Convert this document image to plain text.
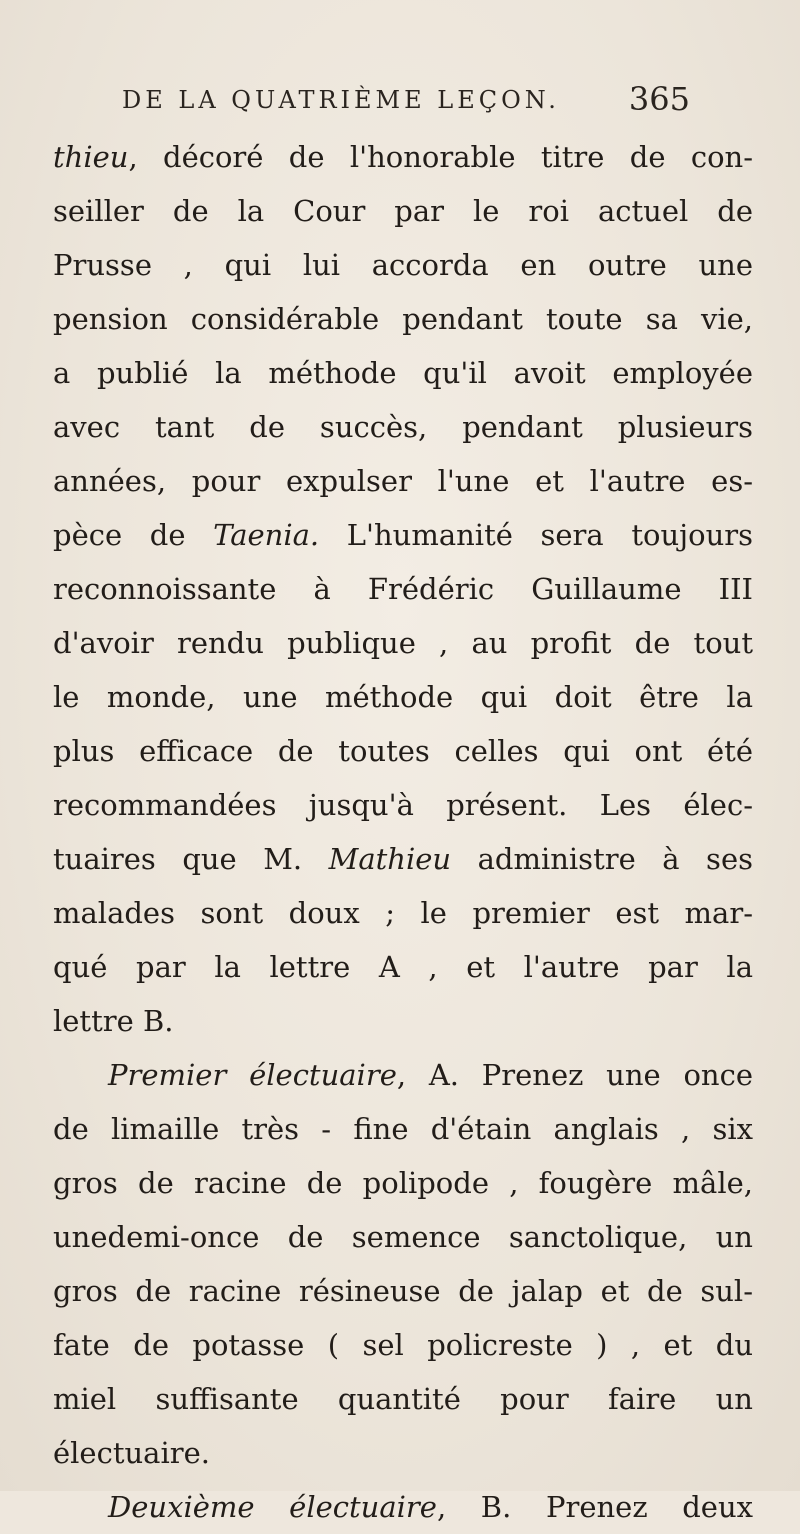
DE LA QUATRIÈME LEÇON. 365
thieu, décoré de l'honorable titre de con-
seiller de la Cour par le roi actuel de
Prusse , qui lui accorda en outre une
pension considérable pendant toute sa vie,
a publié la méthode qu'il avoit employée
avec tant de succès, pendant plusieurs
années, pour expulser l'une et l'autre es-
pèce de Taenia. L'humanité sera toujours
reconnoissante à Frédéric Guillaume III
d'avoir rendu publique , au profit de tout
le monde, une méthode qui doit être la
plus efficace de toutes celles qui ont été
recommandées jusqu'à présent. Les élec-
tuaires que M. Mathieu administre à ses
malades sont doux ; le premier est mar-
qué par la lettre A , et l'autre par la
lettre B.
Premier électuaire, A. Prenez une once
de limaille très - fine d'étain anglais , six
gros de racine de polipode , fougère mâle,
unedemi-once de semence sanctolique, un
gros de racine résineuse de jalap et de sul-
fate de potasse ( sel policreste ) , et du
miel suffisante quantité pour faire un
électuaire.
Deuxième électuaire, B. Prenez deux
